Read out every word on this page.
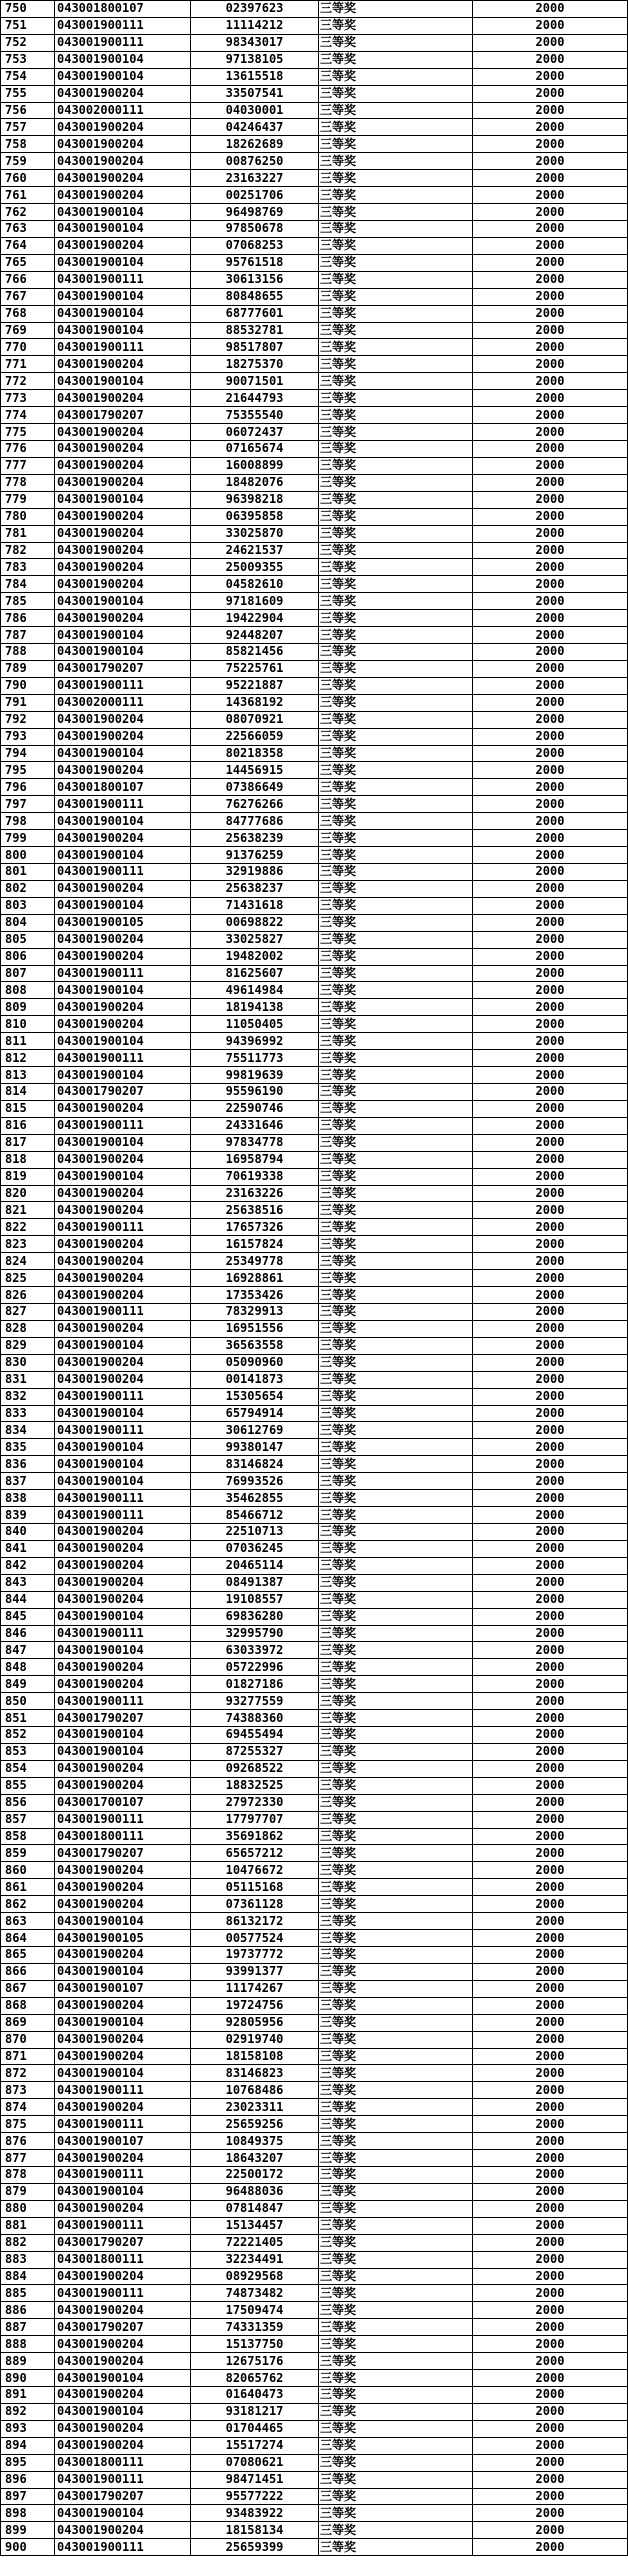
750	043001800107	02397623	三等奖	2000
751	043001900111	11114212	三等奖	2000
752	043001900111	98343017	三等奖	2000
753	043001900104	97138105	三等奖	2000
754	043001900104	13615518	三等奖	2000
755	043001900204	33507541	三等奖	2000
756	043002000111	04030001	三等奖	2000
757	043001900204	04246437	三等奖	2000
758	043001900204	18262689	三等奖	2000
759	043001900204	00876250	三等奖	2000
760	043001900204	23163227	三等奖	2000
761	043001900204	00251706	三等奖	2000
762	043001900104	96498769	三等奖	2000
763	043001900104	97850678	三等奖	2000
764	043001900204	07068253	三等奖	2000
765	043001900104	95761518	三等奖	2000
766	043001900111	30613156	三等奖	2000
767	043001900104	80848655	三等奖	2000
768	043001900104	68777601	三等奖	2000
769	043001900104	88532781	三等奖	2000
770	043001900111	98517807	三等奖	2000
771	043001900204	18275370	三等奖	2000
772	043001900104	90071501	三等奖	2000
773	043001900204	21644793	三等奖	2000
774	043001790207	75355540	三等奖	2000
775	043001900204	06072437	三等奖	2000
776	043001900204	07165674	三等奖	2000
777	043001900204	16008899	三等奖	2000
778	043001900204	18482076	三等奖	2000
779	043001900104	96398218	三等奖	2000
780	043001900204	06395858	三等奖	2000
781	043001900204	33025870	三等奖	2000
782	043001900204	24621537	三等奖	2000
783	043001900204	25009355	三等奖	2000
784	043001900204	04582610	三等奖	2000
785	043001900104	97181609	三等奖	2000
786	043001900204	19422904	三等奖	2000
787	043001900104	92448207	三等奖	2000
788	043001900104	85821456	三等奖	2000
789	043001790207	75225761	三等奖	2000
790	043001900111	95221887	三等奖	2000
791	043002000111	14368192	三等奖	2000
792	043001900204	08070921	三等奖	2000
793	043001900204	22566059	三等奖	2000
794	043001900104	80218358	三等奖	2000
795	043001900204	14456915	三等奖	2000
796	043001800107	07386649	三等奖	2000
797	043001900111	76276266	三等奖	2000
798	043001900104	84777686	三等奖	2000
799	043001900204	25638239	三等奖	2000
800	043001900104	91376259	三等奖	2000
801	043001900111	32919886	三等奖	2000
802	043001900204	25638237	三等奖	2000
803	043001900104	71431618	三等奖	2000
804	043001900105	00698822	三等奖	2000
805	043001900204	33025827	三等奖	2000
806	043001900204	19482002	三等奖	2000
807	043001900111	81625607	三等奖	2000
808	043001900104	49614984	三等奖	2000
809	043001900204	18194138	三等奖	2000
810	043001900204	11050405	三等奖	2000
811	043001900104	94396992	三等奖	2000
812	043001900111	75511773	三等奖	2000
813	043001900104	99819639	三等奖	2000
814	043001790207	95596190	三等奖	2000
815	043001900204	22590746	三等奖	2000
816	043001900111	24331646	三等奖	2000
817	043001900104	97834778	三等奖	2000
818	043001900204	16958794	三等奖	2000
819	043001900104	70619338	三等奖	2000
820	043001900204	23163226	三等奖	2000
821	043001900204	25638516	三等奖	2000
822	043001900111	17657326	三等奖	2000
823	043001900204	16157824	三等奖	2000
824	043001900204	25349778	三等奖	2000
825	043001900204	16928861	三等奖	2000
826	043001900204	17353426	三等奖	2000
827	043001900111	78329913	三等奖	2000
828	043001900204	16951556	三等奖	2000
829	043001900104	36563558	三等奖	2000
830	043001900204	05090960	三等奖	2000
831	043001900204	00141873	三等奖	2000
832	043001900111	15305654	三等奖	2000
833	043001900104	65794914	三等奖	2000
834	043001900111	30612769	三等奖	2000
835	043001900104	99380147	三等奖	2000
836	043001900104	83146824	三等奖	2000
837	043001900104	76993526	三等奖	2000
838	043001900111	35462855	三等奖	2000
839	043001900111	85466712	三等奖	2000
840	043001900204	22510713	三等奖	2000
841	043001900204	07036245	三等奖	2000
842	043001900204	20465114	三等奖	2000
843	043001900204	08491387	三等奖	2000
844	043001900204	19108557	三等奖	2000
845	043001900104	69836280	三等奖	2000
846	043001900111	32995790	三等奖	2000
847	043001900104	63033972	三等奖	2000
848	043001900204	05722996	三等奖	2000
849	043001900204	01827186	三等奖	2000
850	043001900111	93277559	三等奖	2000
851	043001790207	74388360	三等奖	2000
852	043001900104	69455494	三等奖	2000
853	043001900104	87255327	三等奖	2000
854	043001900204	09268522	三等奖	2000
855	043001900204	18832525	三等奖	2000
856	043001700107	27972330	三等奖	2000
857	043001900111	17797707	三等奖	2000
858	043001800111	35691862	三等奖	2000
859	043001790207	65657212	三等奖	2000
860	043001900204	10476672	三等奖	2000
861	043001900204	05115168	三等奖	2000
862	043001900204	07361128	三等奖	2000
863	043001900104	86132172	三等奖	2000
864	043001900105	00577524	三等奖	2000
865	043001900204	19737772	三等奖	2000
866	043001900104	93991377	三等奖	2000
867	043001900107	11174267	三等奖	2000
868	043001900204	19724756	三等奖	2000
869	043001900104	92805956	三等奖	2000
870	043001900204	02919740	三等奖	2000
871	043001900204	18158108	三等奖	2000
872	043001900104	83146823	三等奖	2000
873	043001900111	10768486	三等奖	2000
874	043001900204	23023311	三等奖	2000
875	043001900111	25659256	三等奖	2000
876	043001900107	10849375	三等奖	2000
877	043001900204	18643207	三等奖	2000
878	043001900111	22500172	三等奖	2000
879	043001900104	96488036	三等奖	2000
880	043001900204	07814847	三等奖	2000
881	043001900111	15134457	三等奖	2000
882	043001790207	72221405	三等奖	2000
883	043001800111	32234491	三等奖	2000
884	043001900204	08929568	三等奖	2000
885	043001900111	74873482	三等奖	2000
886	043001900204	17509474	三等奖	2000
887	043001790207	74331359	三等奖	2000
888	043001900204	15137750	三等奖	2000
889	043001900204	12675176	三等奖	2000
890	043001900104	82065762	三等奖	2000
891	043001900204	01640473	三等奖	2000
892	043001900104	93181217	三等奖	2000
893	043001900204	01704465	三等奖	2000
894	043001900204	15517274	三等奖	2000
895	043001800111	07080621	三等奖	2000
896	043001900111	98471451	三等奖	2000
897	043001790207	95577222	三等奖	2000
898	043001900104	93483922	三等奖	2000
899	043001900204	18158134	三等奖	2000
900	043001900111	25659399	三等奖	2000
